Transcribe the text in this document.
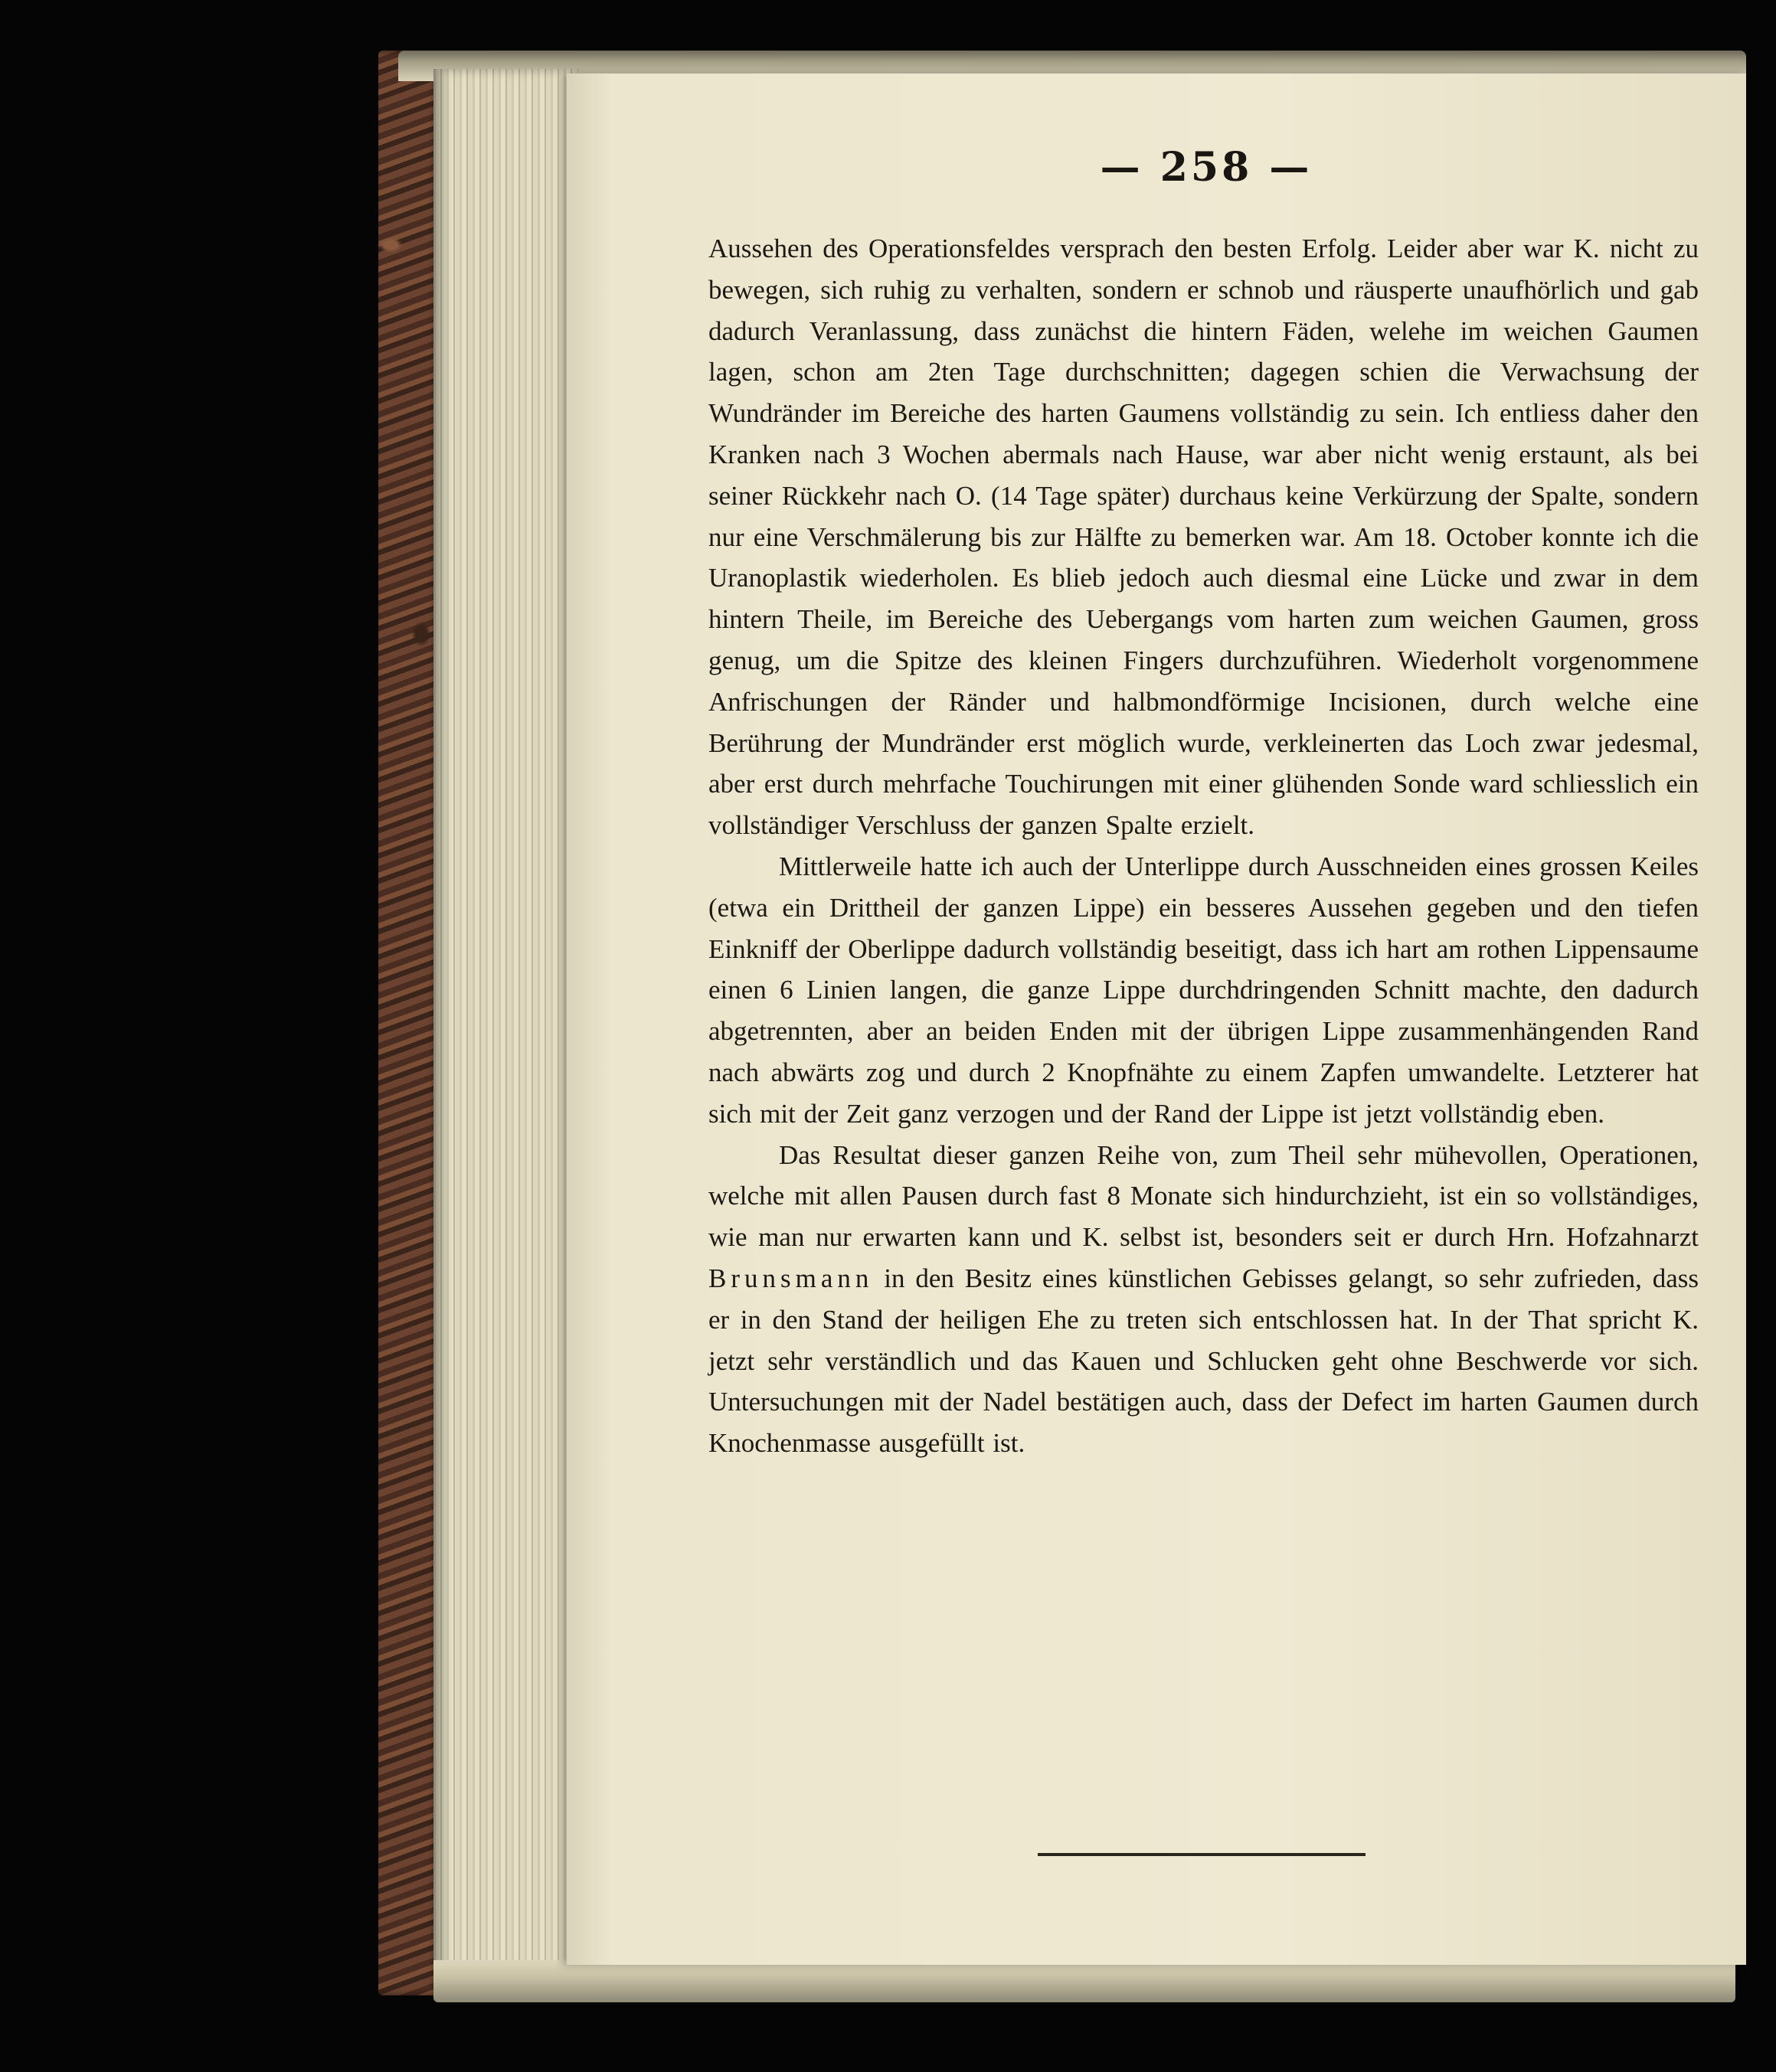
— 258 —

Aussehen des Operationsfeldes versprach den besten Erfolg. Leider aber war K. nicht zu bewegen, sich ruhig zu verhalten, sondern er schnob und räusperte unaufhörlich und gab dadurch Veranlassung, dass zunächst die hintern Fäden, welehe im weichen Gaumen lagen, schon am 2ten Tage durchschnitten; dagegen schien die Verwachsung der Wundränder im Bereiche des harten Gaumens vollständig zu sein. Ich entliess daher den Kranken nach 3 Wochen abermals nach Hause, war aber nicht wenig erstaunt, als bei seiner Rückkehr nach O. (14 Tage später) durchaus keine Verkürzung der Spalte, sondern nur eine Verschmälerung bis zur Hälfte zu bemerken war. Am 18. October konnte ich die Uranoplastik wiederholen. Es blieb jedoch auch diesmal eine Lücke und zwar in dem hintern Theile, im Bereiche des Uebergangs vom harten zum weichen Gaumen, gross genug, um die Spitze des kleinen Fingers durchzuführen. Wiederholt vorgenommene Anfrischungen der Ränder und halbmondförmige Incisionen, durch welche eine Berührung der Mundränder erst möglich wurde, verkleinerten das Loch zwar jedesmal, aber erst durch mehrfache Touchirungen mit einer glühenden Sonde ward schliesslich ein vollständiger Verschluss der ganzen Spalte erzielt.

Mittlerweile hatte ich auch der Unterlippe durch Ausschneiden eines grossen Keiles (etwa ein Drittheil der ganzen Lippe) ein besseres Aussehen gegeben und den tiefen Einkniff der Oberlippe dadurch vollständig beseitigt, dass ich hart am rothen Lippensaume einen 6 Linien langen, die ganze Lippe durchdringenden Schnitt machte, den dadurch abgetrennten, aber an beiden Enden mit der übrigen Lippe zusammenhängenden Rand nach abwärts zog und durch 2 Knopfnähte zu einem Zapfen umwandelte. Letzterer hat sich mit der Zeit ganz verzogen und der Rand der Lippe ist jetzt vollständig eben.

Das Resultat dieser ganzen Reihe von, zum Theil sehr mühevollen, Operationen, welche mit allen Pausen durch fast 8 Monate sich hindurchzieht, ist ein so vollständiges, wie man nur erwarten kann und K. selbst ist, besonders seit er durch Hrn. Hofzahnarzt Brunsmann in den Besitz eines künstlichen Gebisses gelangt, so sehr zufrieden, dass er in den Stand der heiligen Ehe zu treten sich entschlossen hat. In der That spricht K. jetzt sehr verständlich und das Kauen und Schlucken geht ohne Beschwerde vor sich. Untersuchungen mit der Nadel bestätigen auch, dass der Defect im harten Gaumen durch Knochenmasse ausgefüllt ist.
